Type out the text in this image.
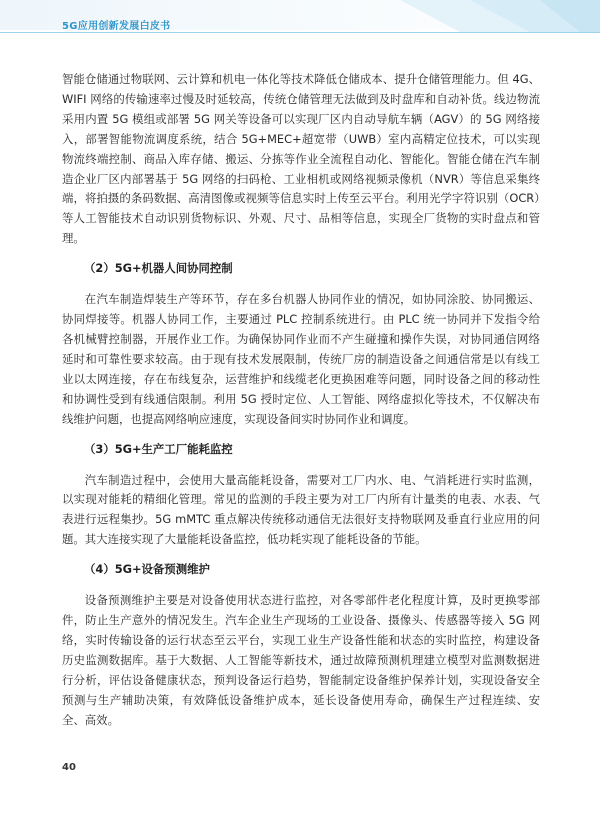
5G应用创新发展白皮书

智能仓储通过物联网、云计算和机电一体化等技术降低仓储成本、提升仓储管理能力。但 4G、WIFI 网络的传输速率过慢及时延较高，传统仓储管理无法做到及时盘库和自动补货。线边物流采用内置 5G 模组或部署 5G 网关等设备可以实现厂区内自动导航车辆（AGV）的 5G 网络接入，部署智能物流调度系统，结合 5G+MEC+超宽带（UWB）室内高精定位技术，可以实现物流终端控制、商品入库存储、搬运、分拣等作业全流程自动化、智能化。智能仓储在汽车制造企业厂区内部署基于 5G 网络的扫码枪、工业相机或网络视频录像机（NVR）等信息采集终端，将拍摄的条码数据、高清图像或视频等信息实时上传至云平台。利用光学字符识别（OCR）等人工智能技术自动识别货物标识、外观、尺寸、品相等信息，实现全厂货物的实时盘点和管理。

（2）5G+机器人间协同控制

在汽车制造焊装生产等环节，存在多台机器人协同作业的情况，如协同涂胶、协同搬运、协同焊接等。机器人协同工作，主要通过 PLC 控制系统进行。由 PLC 统一协同并下发指令给各机械臂控制器，开展作业工作。为确保协同作业而不产生碰撞和操作失误，对协同通信网络延时和可靠性要求较高。由于现有技术发展限制，传统厂房的制造设备之间通信常是以有线工业以太网连接，存在布线复杂，运营维护和线缆老化更换困难等问题，同时设备之间的移动性和协调性受到有线通信限制。利用 5G 授时定位、人工智能、网络虚拟化等技术，不仅解决布线维护问题，也提高网络响应速度，实现设备间实时协同作业和调度。

（3）5G+生产工厂能耗监控

汽车制造过程中，会使用大量高能耗设备，需要对工厂内水、电、气消耗进行实时监测，以实现对能耗的精细化管理。常见的监测的手段主要为对工厂内所有计量类的电表、水表、气表进行远程集抄。5G mMTC 重点解决传统移动通信无法很好支持物联网及垂直行业应用的问题。其大连接实现了大量能耗设备监控，低功耗实现了能耗设备的节能。

（4）5G+设备预测维护

设备预测维护主要是对设备使用状态进行监控，对各零部件老化程度计算，及时更换零部件，防止生产意外的情况发生。汽车企业生产现场的工业设备、摄像头、传感器等接入 5G 网络，实时传输设备的运行状态至云平台，实现工业生产设备性能和状态的实时监控，构建设备历史监测数据库。基于大数据、人工智能等新技术，通过故障预测机理建立模型对监测数据进行分析，评估设备健康状态，预判设备运行趋势，智能制定设备维护保养计划，实现设备安全预测与生产辅助决策，有效降低设备维护成本，延长设备使用寿命，确保生产过程连续、安全、高效。

40
